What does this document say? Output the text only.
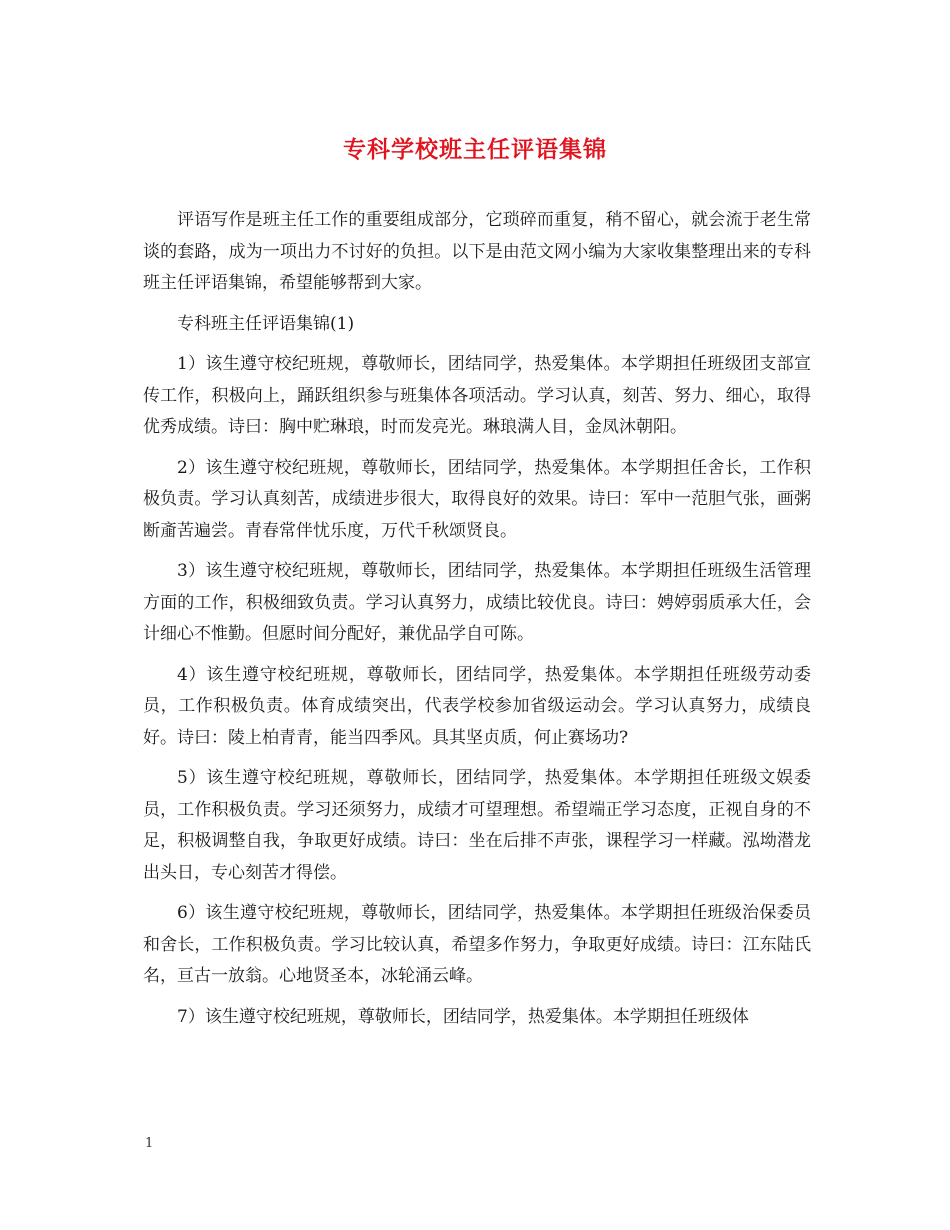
专科学校班主任评语集锦

评语写作是班主任工作的重要组成部分，它琐碎而重复，稍不留心，就会流于老生常谈的套路，成为一项出力不讨好的负担。以下是由范文网小编为大家收集整理出来的专科班主任评语集锦，希望能够帮到大家。

专科班主任评语集锦(1)

1）该生遵守校纪班规，尊敬师长，团结同学，热爱集体。本学期担任班级团支部宣传工作，积极向上，踊跃组织参与班集体各项活动。学习认真，刻苦、努力、细心，取得优秀成绩。诗曰：胸中贮琳琅，时而发亮光。琳琅满人目，金凤沐朝阳。

2）该生遵守校纪班规，尊敬师长，团结同学，热爱集体。本学期担任舍长，工作积极负责。学习认真刻苦，成绩进步很大，取得良好的效果。诗曰：军中一范胆气张，画粥断齑苦遍尝。青春常伴忧乐度，万代千秋颂贤良。

3）该生遵守校纪班规，尊敬师长，团结同学，热爱集体。本学期担任班级生活管理方面的工作，积极细致负责。学习认真努力，成绩比较优良。诗曰：娉婷弱质承大任，会计细心不惟勤。但愿时间分配好，兼优品学自可陈。

4）该生遵守校纪班规，尊敬师长，团结同学，热爱集体。本学期担任班级劳动委员，工作积极负责。体育成绩突出，代表学校参加省级运动会。学习认真努力，成绩良好。诗曰：陵上柏青青，能当四季风。具其坚贞质，何止赛场功?

5）该生遵守校纪班规，尊敬师长，团结同学，热爱集体。本学期担任班级文娱委员，工作积极负责。学习还须努力，成绩才可望理想。希望端正学习态度，正视自身的不足，积极调整自我，争取更好成绩。诗曰：坐在后排不声张，课程学习一样藏。泓坳潜龙出头日，专心刻苦才得偿。

6）该生遵守校纪班规，尊敬师长，团结同学，热爱集体。本学期担任班级治保委员和舍长，工作积极负责。学习比较认真，希望多作努力，争取更好成绩。诗曰：江东陆氏名，亘古一放翁。心地贤圣本，冰轮涌云峰。

7）该生遵守校纪班规，尊敬师长，团结同学，热爱集体。本学期担任班级体

1
